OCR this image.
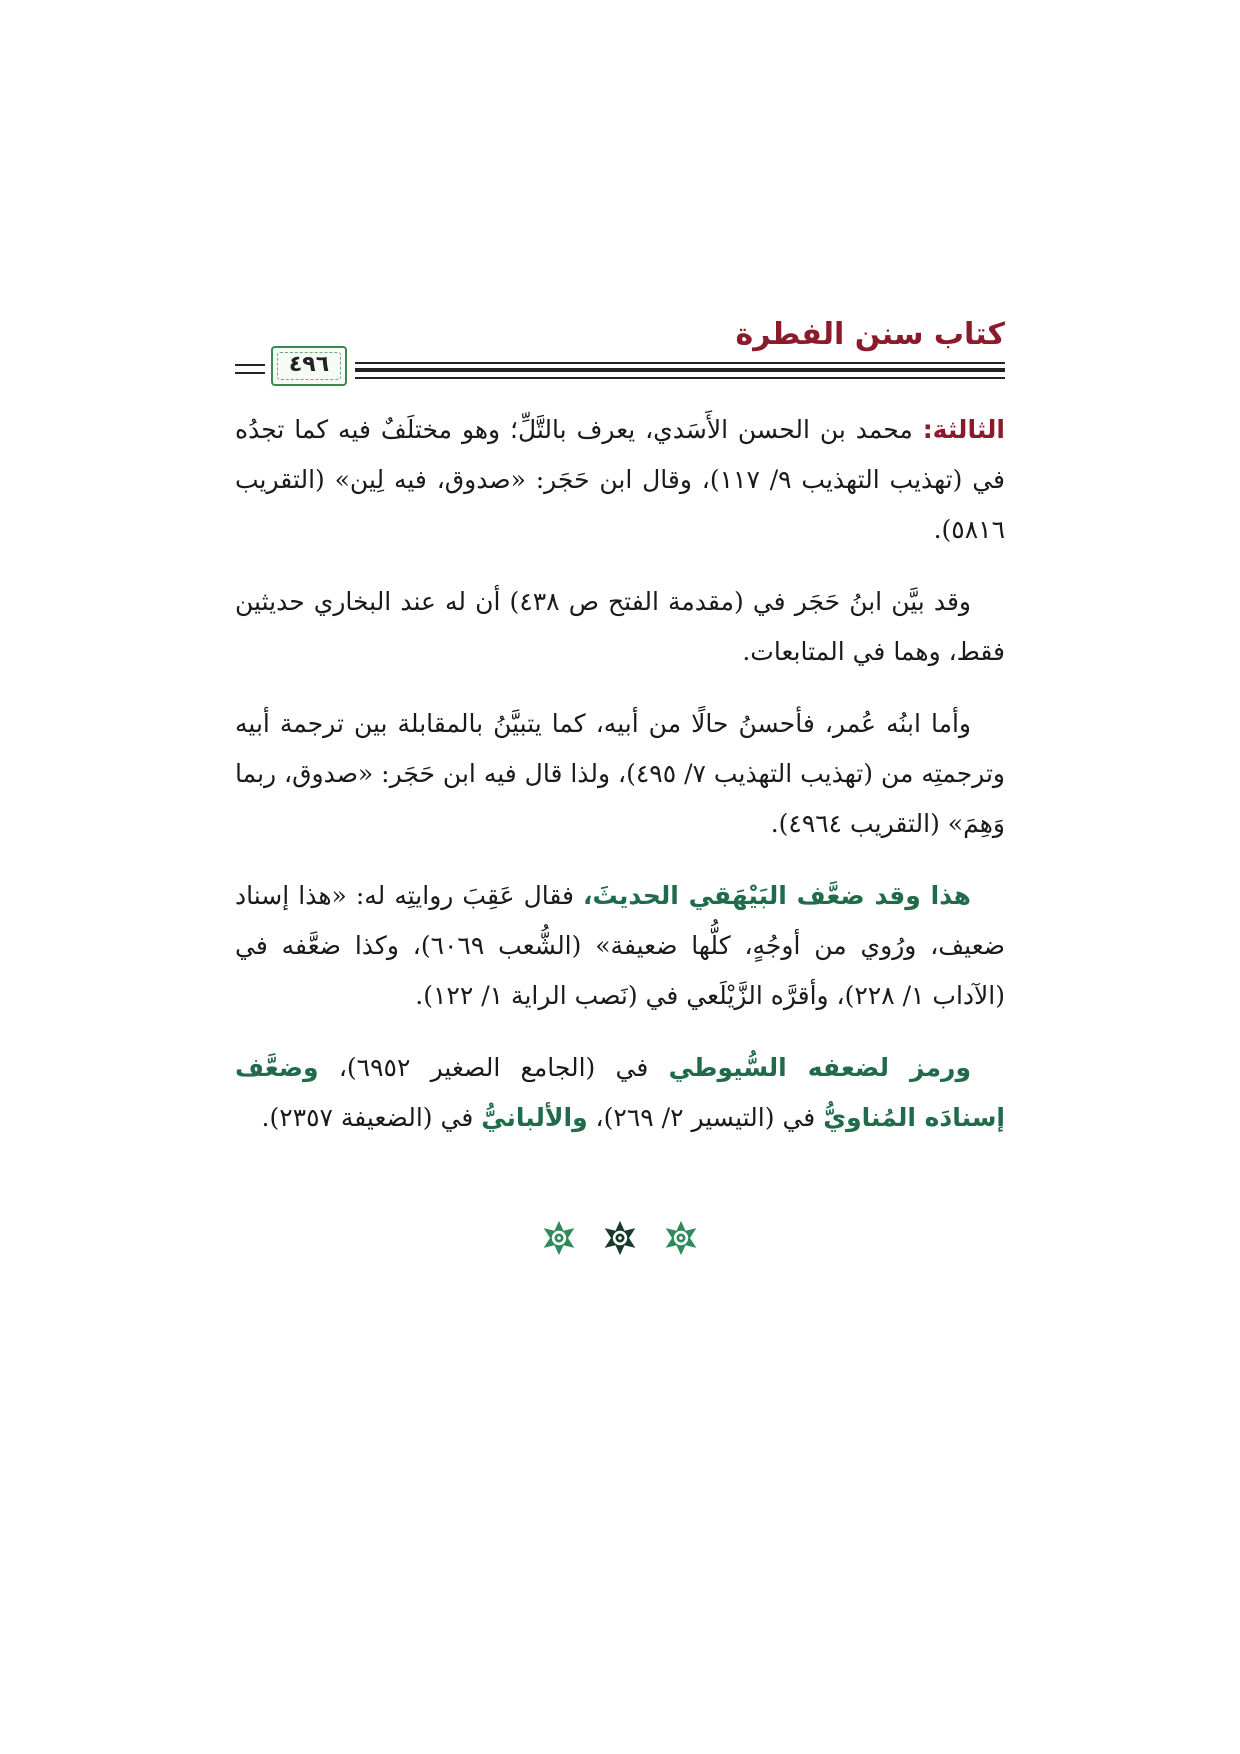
كتاب سنن الفطرة
٤٩٦

الثالثة: محمد بن الحسن الأَسَدي، يعرف بالتَّلِّ؛ وهو مختلَفٌ فيه كما تجدُه في (تهذيب التهذيب ٩/ ١١٧)، وقال ابن حَجَر: «صدوق، فيه لِين» (التقريب ٥٨١٦).

وقد بيَّن ابنُ حَجَر في (مقدمة الفتح ص ٤٣٨) أن له عند البخاري حديثين فقط، وهما في المتابعات.

وأما ابنُه عُمر، فأحسنُ حالًا من أبيه، كما يتبيَّنُ بالمقابلة بين ترجمة أبيه وترجمتِه من (تهذيب التهذيب ٧/ ٤٩٥)، ولذا قال فيه ابن حَجَر: «صدوق، ربما وَهِمَ» (التقريب ٤٩٦٤).

هذا وقد ضعَّف البَيْهَقي الحديثَ، فقال عَقِبَ روايتِه له: «هذا إسناد ضعيف، ورُوي من أوجُهٍ، كلُّها ضعيفة» (الشُّعب ٦٠٦٩)، وكذا ضعَّفه في (الآداب ١/ ٢٢٨)، وأقرَّه الزَّيْلَعي في (نَصب الراية ١/ ١٢٢).

ورمز لضعفه السُّيوطي في (الجامع الصغير ٦٩٥٢)، وضعَّف إسنادَه المُناويُّ في (التيسير ٢/ ٢٦٩)، والألبانيُّ في (الضعيفة ٢٣٥٧).
